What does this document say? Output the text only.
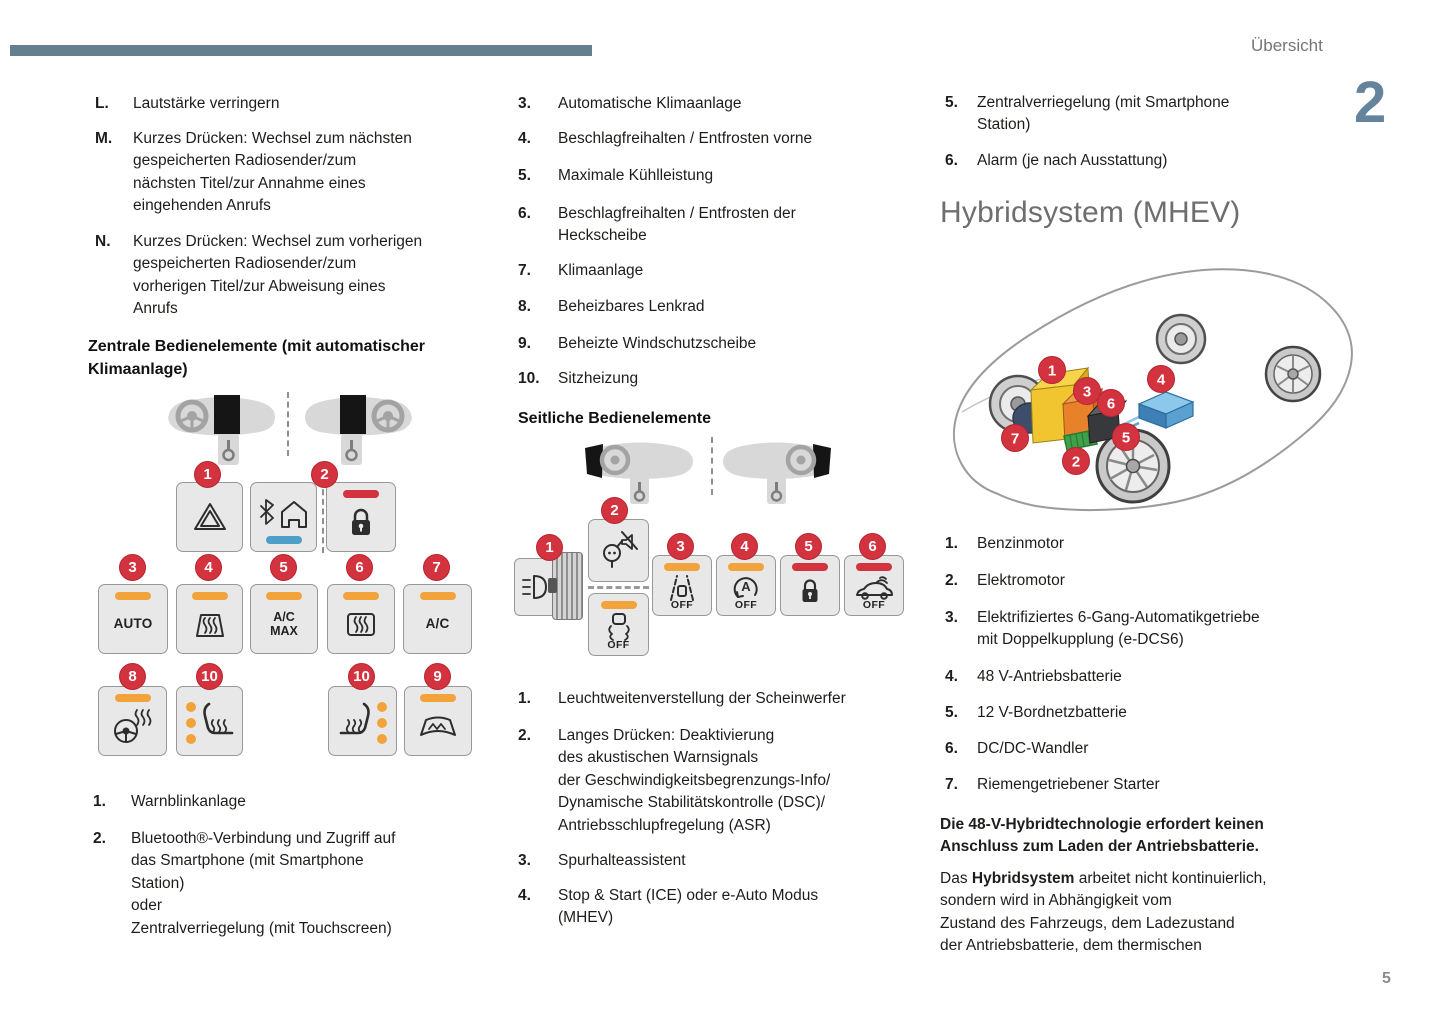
Übersicht
2
5
L.	Lautstärke verringern
M.	Kurzes Drücken: Wechsel zum nächsten
gespeicherten Radiosender/zum
nächsten Titel/zur Annahme eines
eingehenden Anrufs
N.	Kurzes Drücken: Wechsel zum vorherigen
gespeicherten Radiosender/zum
vorherigen Titel/zur Abweisung eines
Anrufs
Zentrale Bedienelemente (mit automatischer
Klimaanlage)
1	2
3	4	5	6	7
AUTO	A/C
MAX	A/C
8	10	10	9
1.	Warnblinkanlage
2.	Bluetooth®-Verbindung und Zugriff auf
das Smartphone (mit Smartphone
Station)
oder
Zentralverriegelung (mit Touchscreen)
3.	Automatische Klimaanlage
4.	Beschlagfreihalten / Entfrosten vorne
5.	Maximale Kühlleistung
6.	Beschlagfreihalten / Entfrosten der
Heckscheibe
7.	Klimaanlage
8.	Beheizbares Lenkrad
9.	Beheizte Windschutzscheibe
10.	Sitzheizung
Seitliche Bedienelemente
1
2
3	4	5	6
OFF
OFF
A
OFF	OFF
1.	Leuchtweitenverstellung der Scheinwerfer
2.	Langes Drücken: Deaktivierung
des akustischen Warnsignals
der Geschwindigkeitsbegrenzungs-Info/
Dynamische Stabilitätskontrolle (DSC)/
Antriebsschlupfregelung (ASR)
3.	Spurhalteassistent
4.	Stop & Start (ICE) oder e-Auto Modus
(MHEV)
5.	Zentralverriegelung (mit Smartphone
Station)
6.	Alarm (je nach Ausstattung)
Hybridsystem (MHEV)
1
3
6
4
5
2
7
1.	Benzinmotor
2.	Elektromotor
3.	Elektrifiziertes 6-Gang-Automatikgetriebe
mit Doppelkupplung (e-DCS6)
4.	48 V-Antriebsbatterie
5.	12 V-Bordnetzbatterie
6.	DC/DC-Wandler
7.	Riemengetriebener Starter
Die 48-V-Hybridtechnologie erfordert keinen
Anschluss zum Laden der Antriebsbatterie.
Das Hybridsystem arbeitet nicht kontinuierlich,
sondern wird in Abhängigkeit vom
Zustand des Fahrzeugs, dem Ladezustand
der Antriebsbatterie, dem thermischen
